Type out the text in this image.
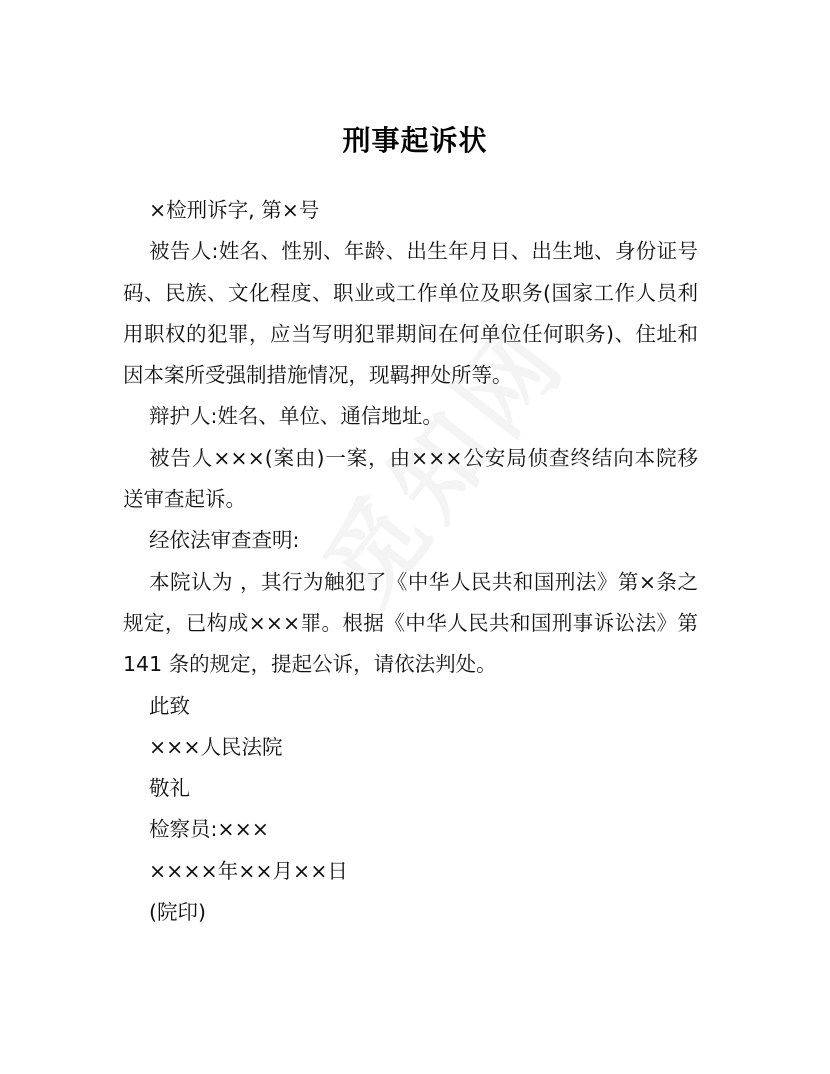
刑事起诉状

×检刑诉字, 第×号

被告人:姓名、性别、年龄、出生年月日、出生地、身份证号码、民族、文化程度、职业或工作单位及职务(国家工作人员利用职权的犯罪，应当写明犯罪期间在何单位任何职务)、住址和因本案所受强制措施情况，现羁押处所等。

辩护人:姓名、单位、通信地址。

被告人×××(案由)一案，由×××公安局侦查终结向本院移送审查起诉。

经依法审查查明:

本院认为 ，其行为触犯了《中华人民共和国刑法》第×条之规定，已构成×××罪。根据《中华人民共和国刑事诉讼法》第 141 条的规定，提起公诉，请依法判处。

此致

×××人民法院

敬礼

检察员:×××

××××年××月××日

(院印)
